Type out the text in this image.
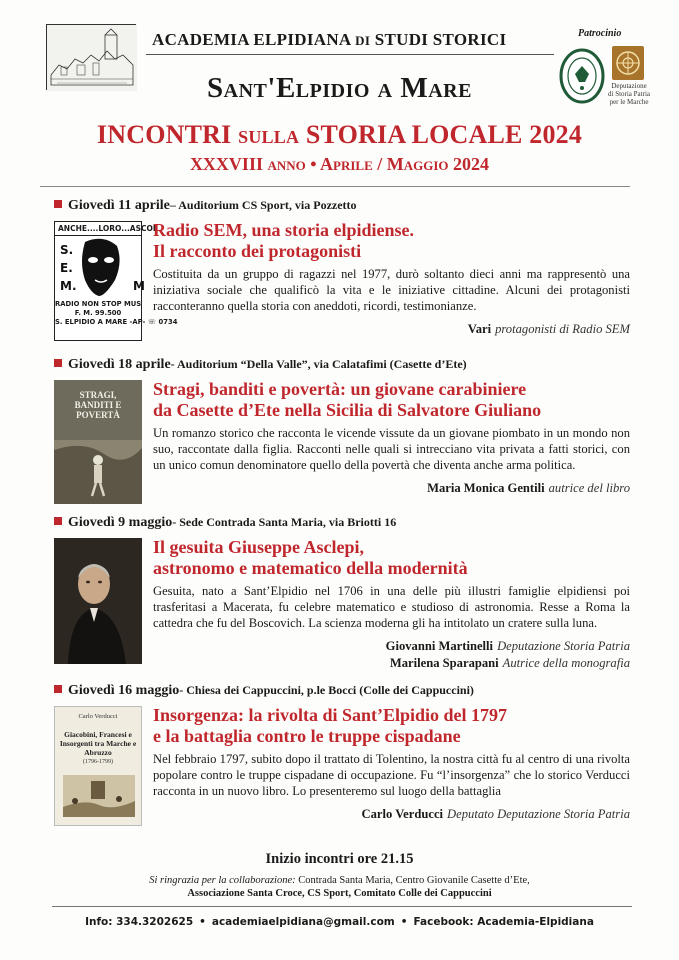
ACADEMIA ELPIDIANA DI STUDI STORICI	Patrocinio
Deputazione
di Storia Patria
per le Marche
Sant'Elpidio a Mare
INCONTRI SULLA STORIA LOCALE 2024
XXXVIII anno • Aprile / Maggio 2024
Giovedì 11 aprile– Auditorium CS Sport, via Pozzetto
ANCHE....LORO...ASCOL
S.
E.
M.	M
RADIO NON STOP MUS
F. M. 99.500
S. ELPIDIO A MARE -AP- ☏ 0734
Radio SEM, una storia elpidiense.
Il racconto dei protagonisti
Costituita da un gruppo di ragazzi nel 1977, durò soltanto dieci anni ma rappresentò una iniziativa sociale che qualificò la vita e le iniziative cittadine. Alcuni dei protagonisti racconteranno quella storia con aneddoti, ricordi, testimonianze.
Vari protagonisti di Radio SEM
Giovedì 18 aprile- Auditorium “Della Valle”, via Calatafimi (Casette d’Ete)
STRAGI, BANDITI E POVERTÀ
Stragi, banditi e povertà: un giovane carabiniere
da Casette d’Ete nella Sicilia di Salvatore Giuliano
Un romanzo storico che racconta le vicende vissute da un giovane piombato in un mondo non suo, raccontate dalla figlia. Racconti nelle quali si intrecciano vita privata a fatti storici, con un unico comun denominatore quello della povertà che diventa anche arma politica.
Maria Monica Gentili autrice del libro
Giovedì 9 maggio- Sede Contrada Santa Maria, via Briotti 16
Il gesuita Giuseppe Asclepi,
astronomo e matematico della modernità
Gesuita, nato a Sant’Elpidio nel 1706 in una delle più illustri famiglie elpidiensi poi trasferitasi a Macerata, fu celebre matematico e studioso di astronomia. Resse a Roma la cattedra che fu del Boscovich. La scienza moderna gli ha intitolato un cratere sulla luna.
Giovanni Martinelli Deputazione Storia Patria
Marilena Sparapani Autrice della monografia
Giovedì 16 maggio- Chiesa dei Cappuccini, p.le Bocci (Colle dei Cappuccini)
Carlo Verducci
Giacobini, Francesi e Insorgenti tra Marche e Abruzzo
(1796-1799)
Insorgenza: la rivolta di Sant’Elpidio del 1797
e la battaglia contro le truppe cispadane
Nel febbraio 1797, subito dopo il trattato di Tolentino, la nostra città fu al centro di una rivolta popolare contro le truppe cispadane di occupazione. Fu “l’insorgenza” che lo storico Verducci racconta in un nuovo libro. Lo presenteremo sul luogo della battaglia
Carlo Verducci Deputato Deputazione Storia Patria
Inizio incontri ore 21.15
Si ringrazia per la collaborazione: Contrada Santa Maria, Centro Giovanile Casette d’Ete,
Associazione Santa Croce, CS Sport, Comitato Colle dei Cappuccini
Info: 334.3202625 • academiaelpidiana@gmail.com • Facebook: Academia-Elpidiana
